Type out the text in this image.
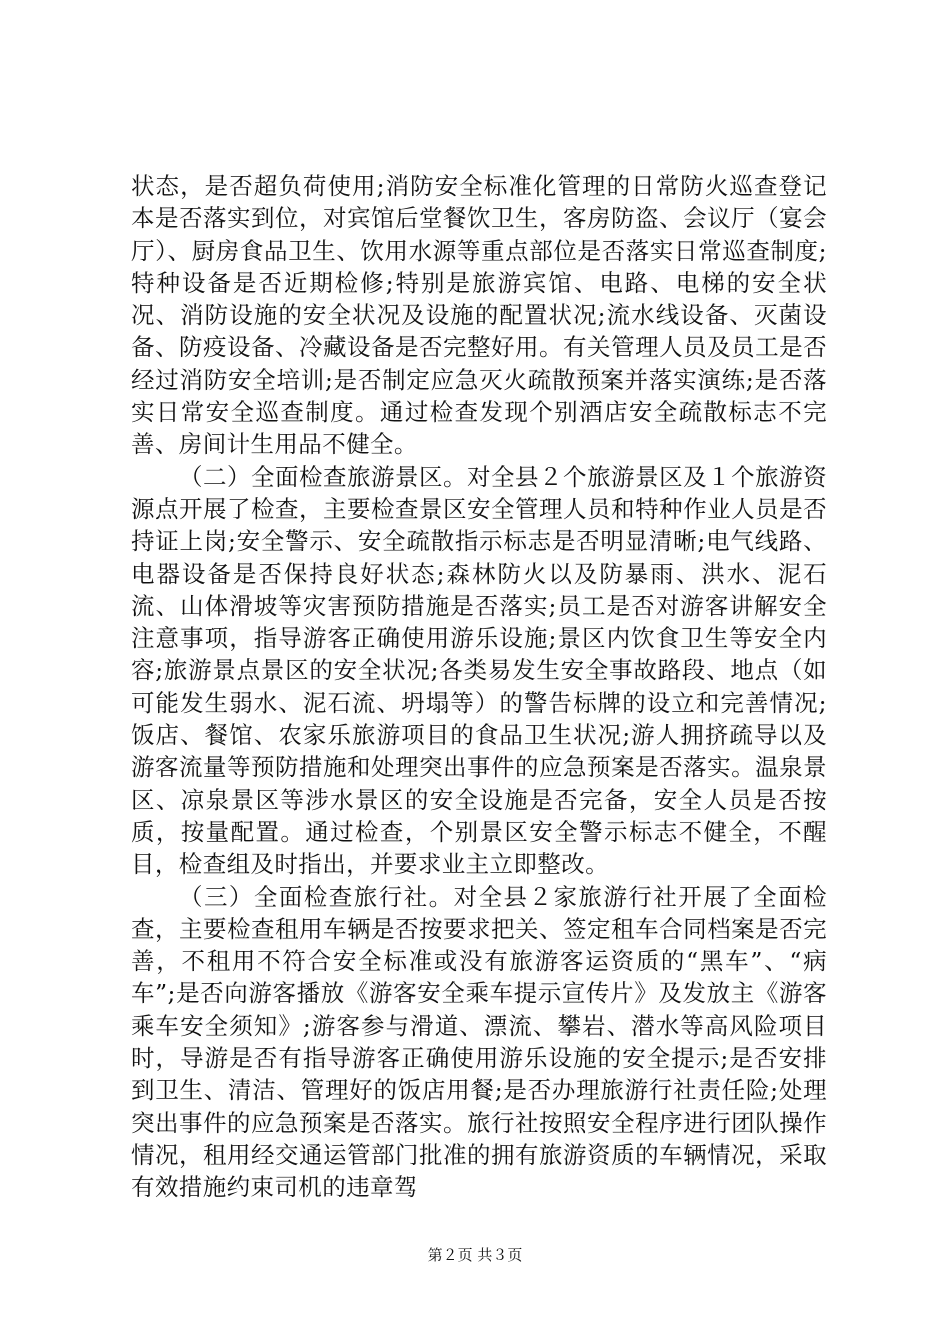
状态，是否超负荷使用;消防安全标准化管理的日常防火巡查登记本是否落实到位，对宾馆后堂餐饮卫生，客房防盗、会议厅（宴会厅）、厨房食品卫生、饮用水源等重点部位是否落实日常巡查制度;特种设备是否近期检修;特别是旅游宾馆、电路、电梯的安全状况、消防设施的安全状况及设施的配置状况;流水线设备、灭菌设备、防疫设备、冷藏设备是否完整好用。有关管理人员及员工是否经过消防安全培训;是否制定应急灭火疏散预案并落实演练;是否落实日常安全巡查制度。通过检查发现个别酒店安全疏散标志不完善、房间计生用品不健全。

（二）全面检查旅游景区。对全县２个旅游景区及１个旅游资源点开展了检查，主要检查景区安全管理人员和特种作业人员是否持证上岗;安全警示、安全疏散指示标志是否明显清晰;电气线路、电器设备是否保持良好状态;森林防火以及防暴雨、洪水、泥石流、山体滑坡等灾害预防措施是否落实;员工是否对游客讲解安全注意事项，指导游客正确使用游乐设施;景区内饮食卫生等安全内容;旅游景点景区的安全状况;各类易发生安全事故路段、地点（如可能发生弱水、泥石流、坍塌等）的警告标牌的设立和完善情况;饭店、餐馆、农家乐旅游项目的食品卫生状况;游人拥挤疏导以及游客流量等预防措施和处理突出事件的应急预案是否落实。温泉景区、凉泉景区等涉水景区的安全设施是否完备，安全人员是否按质，按量配置。通过检查，个别景区安全警示标志不健全，不醒目，检查组及时指出，并要求业主立即整改。

（三）全面检查旅行社。对全县２家旅游行社开展了全面检查，主要检查租用车辆是否按要求把关、签定租车合同档案是否完善，不租用不符合安全标准或没有旅游客运资质的“黑车”、“病车”;是否向游客播放《游客安全乘车提示宣传片》及发放主《游客乘车安全须知》;游客参与滑道、漂流、攀岩、潜水等高风险项目时，导游是否有指导游客正确使用游乐设施的安全提示;是否安排到卫生、清洁、管理好的饭店用餐;是否办理旅游行社责任险;处理突出事件的应急预案是否落实。旅行社按照安全程序进行团队操作情况，租用经交通运管部门批准的拥有旅游资质的车辆情况，采取有效措施约束司机的违章驾

第２页 共３页
